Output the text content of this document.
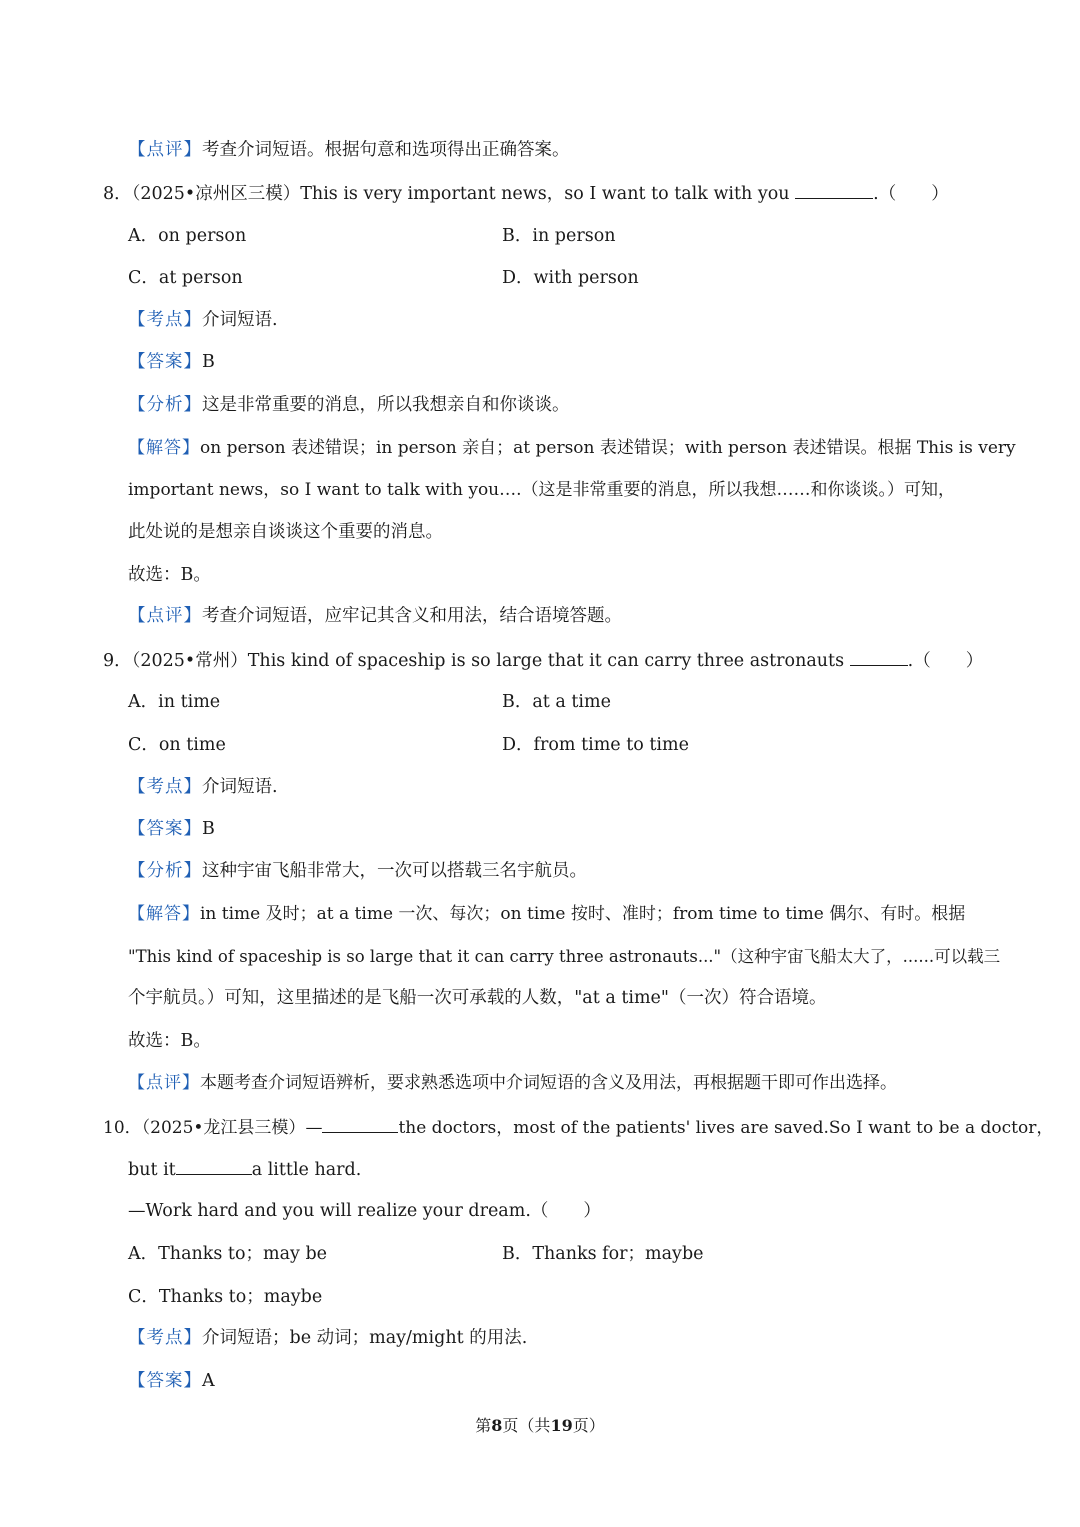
【点评】考查介词短语。根据句意和选项得出正确答案。
8．（2025•凉州区三模）This is very important news，so I want to talk with you	.（　　）
A．on person	B．in person
C．at person	D．with person
【考点】介词短语.
【答案】B
【分析】这是非常重要的消息，所以我想亲自和你谈谈。
【解答】on person 表述错误；in person 亲自；at person 表述错误；with person 表述错误。根据 This is very
important news，so I want to talk with you….（这是非常重要的消息，所以我想……和你谈谈。）可知，
此处说的是想亲自谈谈这个重要的消息。
故选：B。
【点评】考查介词短语，应牢记其含义和用法，结合语境答题。
9．（2025•常州）This kind of spaceship is so large that it can carry three astronauts	.（　　）
A．in time	B．at a time
C．on time	D．from time to time
【考点】介词短语.
【答案】B
【分析】这种宇宙飞船非常大，一次可以搭载三名宇航员。
【解答】in time 及时；at a time 一次、每次；on time 按时、准时；from time to time 偶尔、有时。根据
"This kind of spaceship is so large that it can carry three astronauts..."（这种宇宙飞船太大了，......可以载三
个宇航员。）可知，这里描述的是飞船一次可承载的人数，"at a time"（一次）符合语境。
故选：B。
【点评】本题考查介词短语辨析，要求熟悉选项中介词短语的含义及用法，再根据题干即可作出选择。
10．（2025•龙江县三模）—	the doctors，most of the patients' lives are saved.So I want to be a doctor，
but it	a little hard.
—Work hard and you will realize your dream.（　　）
A．Thanks to；may be	B．Thanks for；maybe
C．Thanks to；maybe
【考点】介词短语；be 动词；may/might 的用法.
【答案】A
第8页（共19页）
